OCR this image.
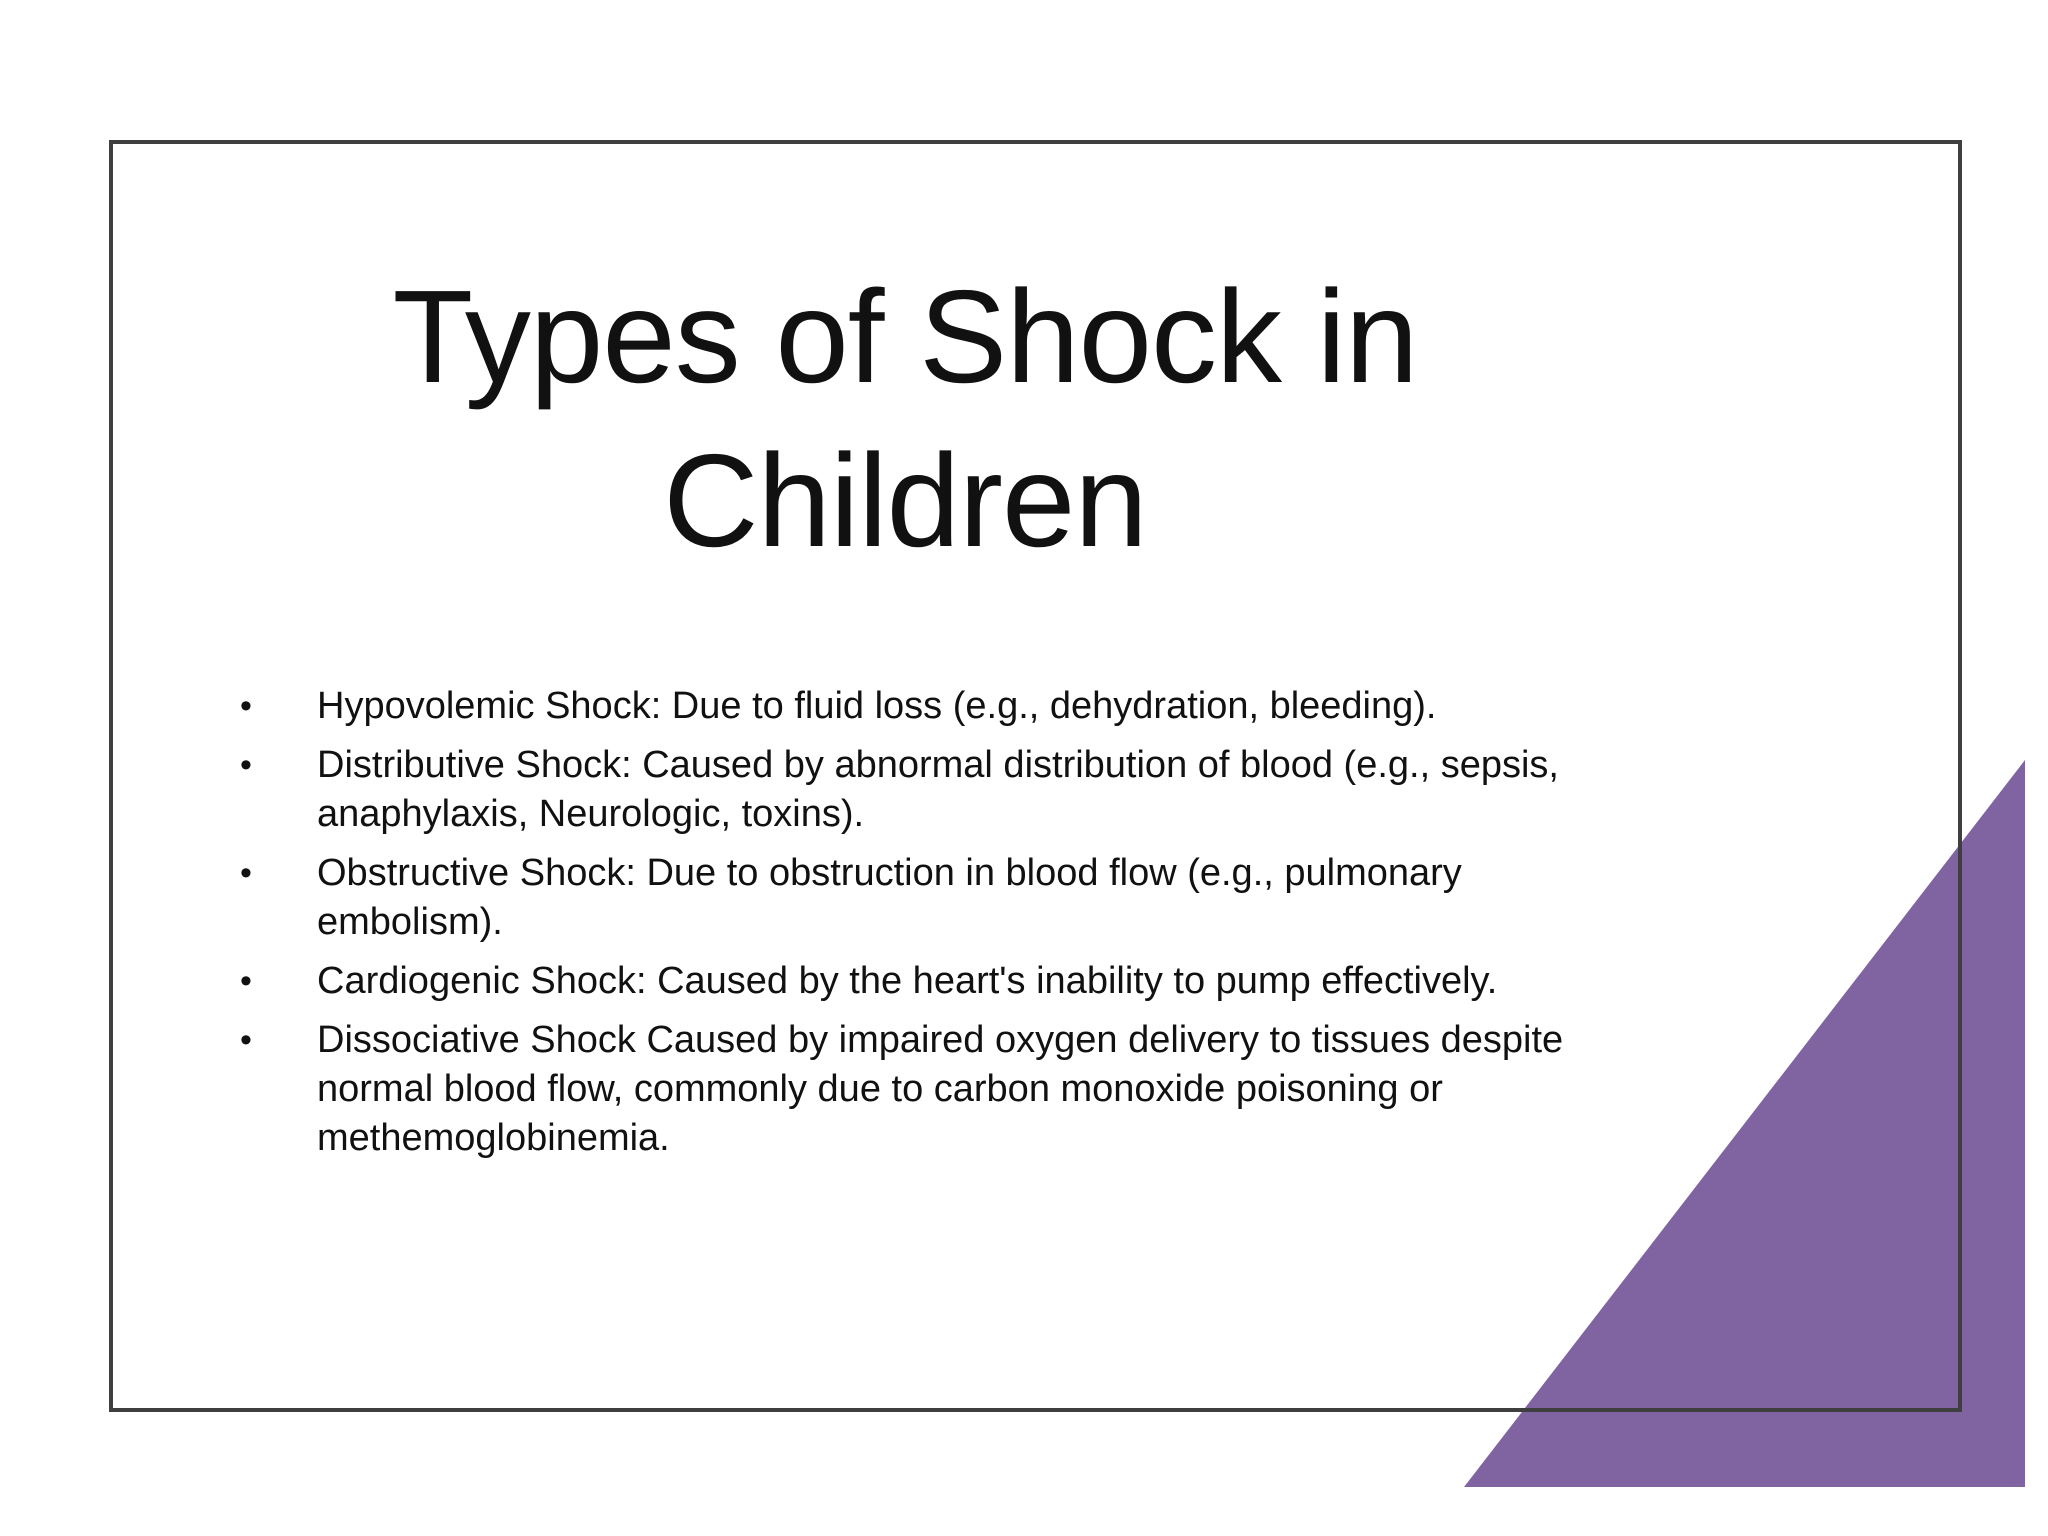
Types of Shock in Children
• Hypovolemic Shock: Due to fluid loss (e.g., dehydration, bleeding).
• Distributive Shock: Caused by abnormal distribution of blood (e.g., sepsis, anaphylaxis, Neurologic, toxins).
• Obstructive Shock: Due to obstruction in blood flow (e.g., pulmonary embolism).
• Cardiogenic Shock: Caused by the heart's inability to pump effectively.
• Dissociative Shock Caused by impaired oxygen delivery to tissues despite normal blood flow, commonly due to carbon monoxide poisoning or methemoglobinemia.
